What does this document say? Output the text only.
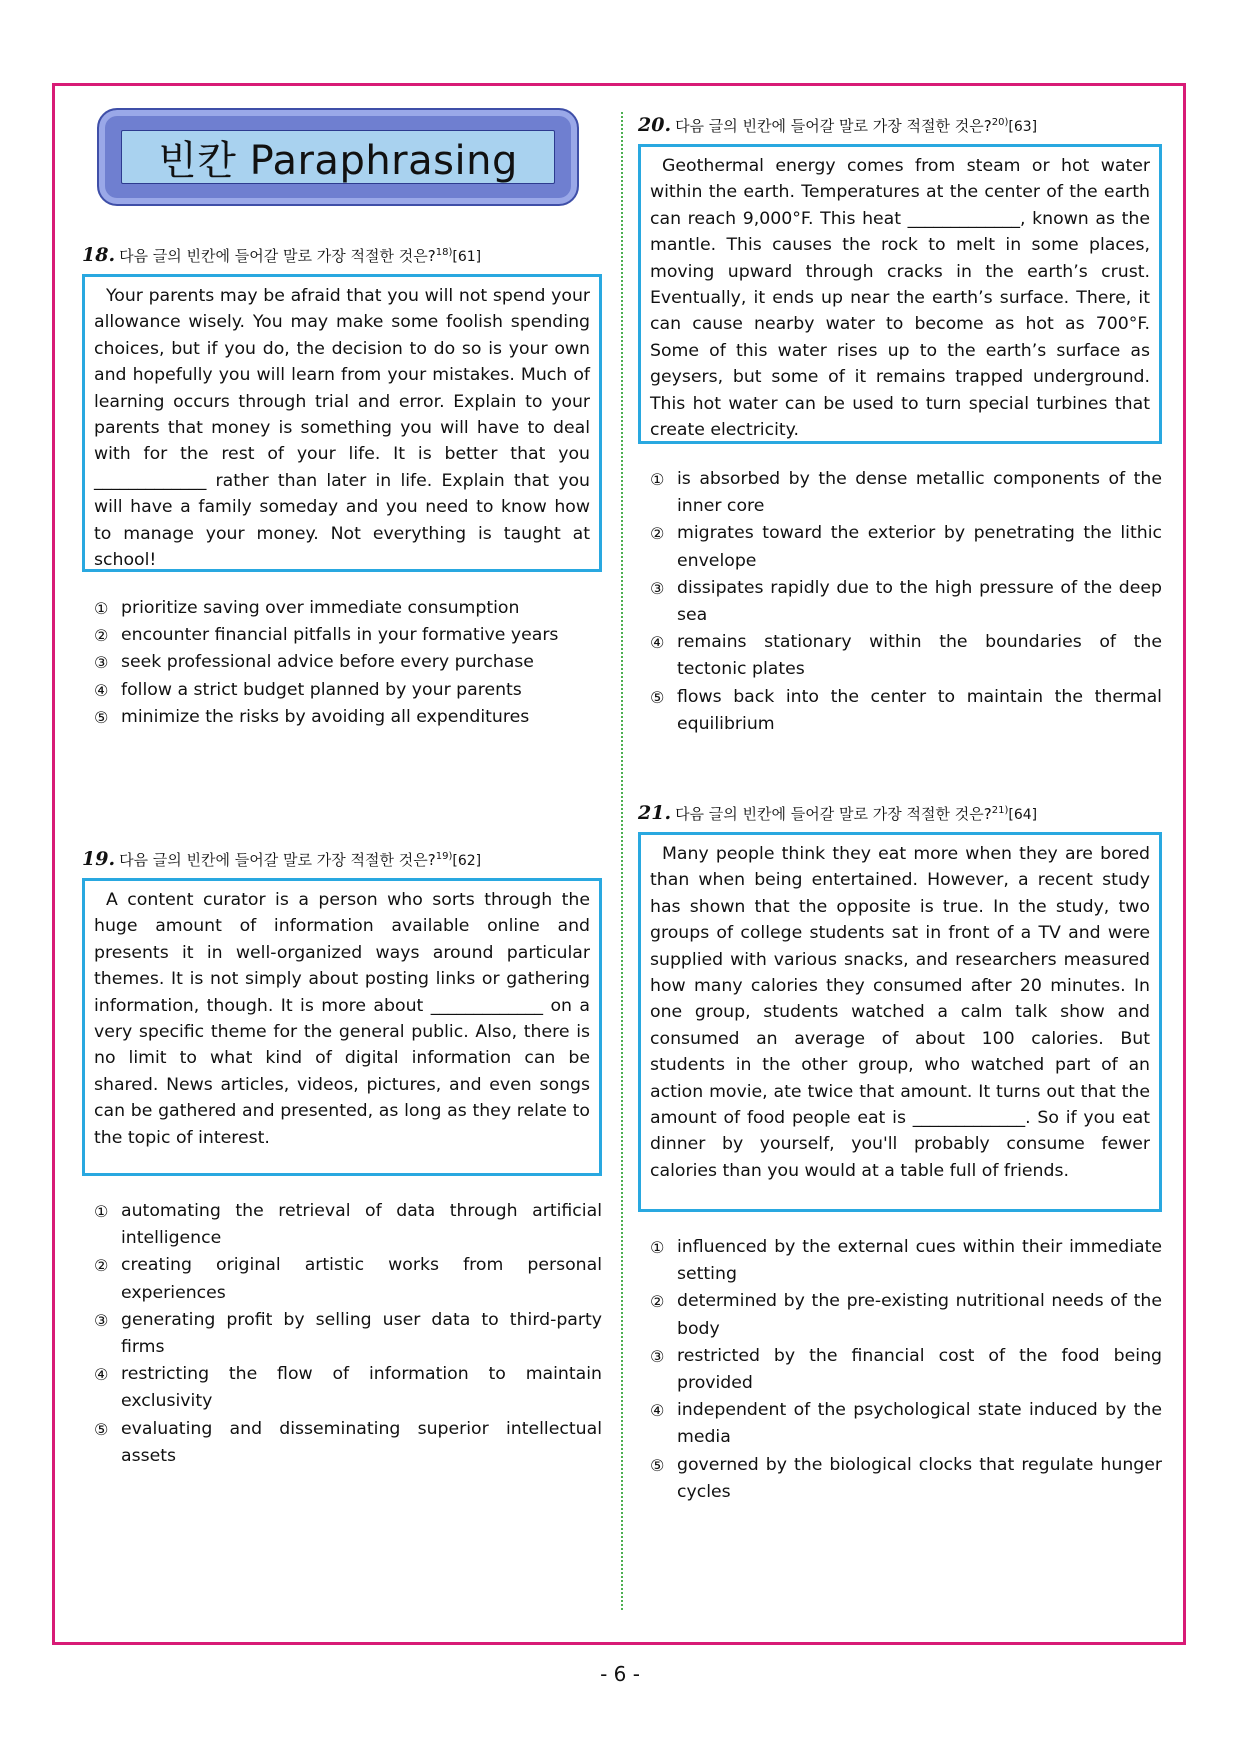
빈칸 Paraphrasing
18. 다음 글의 빈칸에 들어갈 말로 가장 적절한 것은?$^{18)}$[61]
Your parents may be afraid that you will not spend your allowance wisely. You may make some foolish spending choices, but if you do, the decision to do so is your own and hopefully you will learn from your mistakes. Much of learning occurs through trial and error. Explain to your parents that money is something you will have to deal with for the rest of your life. It is better that you _____________ rather than later in life. Explain that you will have a family someday and you need to know how to manage your money. Not everything is taught at school!
① prioritize saving over immediate consumption
② encounter financial pitfalls in your formative years
③ seek professional advice before every purchase
④ follow a strict budget planned by your parents
⑤ minimize the risks by avoiding all expenditures
19. 다음 글의 빈칸에 들어갈 말로 가장 적절한 것은?$^{19)}$[62]
A content curator is a person who sorts through the huge amount of information available online and presents it in well-organized ways around particular themes. It is not simply about posting links or gathering information, though. It is more about _____________ on a very specific theme for the general public. Also, there is no limit to what kind of digital information can be shared. News articles, videos, pictures, and even songs can be gathered and presented, as long as they relate to the topic of interest.
① automating the retrieval of data through artificial intelligence
② creating original artistic works from personal experiences
③ generating profit by selling user data to third-party firms
④ restricting the flow of information to maintain exclusivity
⑤ evaluating and disseminating superior intellectual assets
20. 다음 글의 빈칸에 들어갈 말로 가장 적절한 것은?$^{20)}$[63]
Geothermal energy comes from steam or hot water within the earth. Temperatures at the center of the earth can reach 9,000°F. This heat _____________, known as the mantle. This causes the rock to melt in some places, moving upward through cracks in the earth’s crust. Eventually, it ends up near the earth’s surface. There, it can cause nearby water to become as hot as 700°F. Some of this water rises up to the earth’s surface as geysers, but some of it remains trapped underground. This hot water can be used to turn special turbines that create electricity.
① is absorbed by the dense metallic components of the inner core
② migrates toward the exterior by penetrating the lithic envelope
③ dissipates rapidly due to the high pressure of the deep sea
④ remains stationary within the boundaries of the tectonic plates
⑤ flows back into the center to maintain the thermal equilibrium
21. 다음 글의 빈칸에 들어갈 말로 가장 적절한 것은?$^{21)}$[64]
Many people think they eat more when they are bored than when being entertained. However, a recent study has shown that the opposite is true. In the study, two groups of college students sat in front of a TV and were supplied with various snacks, and researchers measured how many calories they consumed after 20 minutes. In one group, students watched a calm talk show and consumed an average of about 100 calories. But students in the other group, who watched part of an action movie, ate twice that amount. It turns out that the amount of food people eat is _____________. So if you eat dinner by yourself, you'll probably consume fewer calories than you would at a table full of friends.
① influenced by the external cues within their immediate setting
② determined by the pre-existing nutritional needs of the body
③ restricted by the financial cost of the food being provided
④ independent of the psychological state induced by the media
⑤ governed by the biological clocks that regulate hunger cycles
- 6 -
